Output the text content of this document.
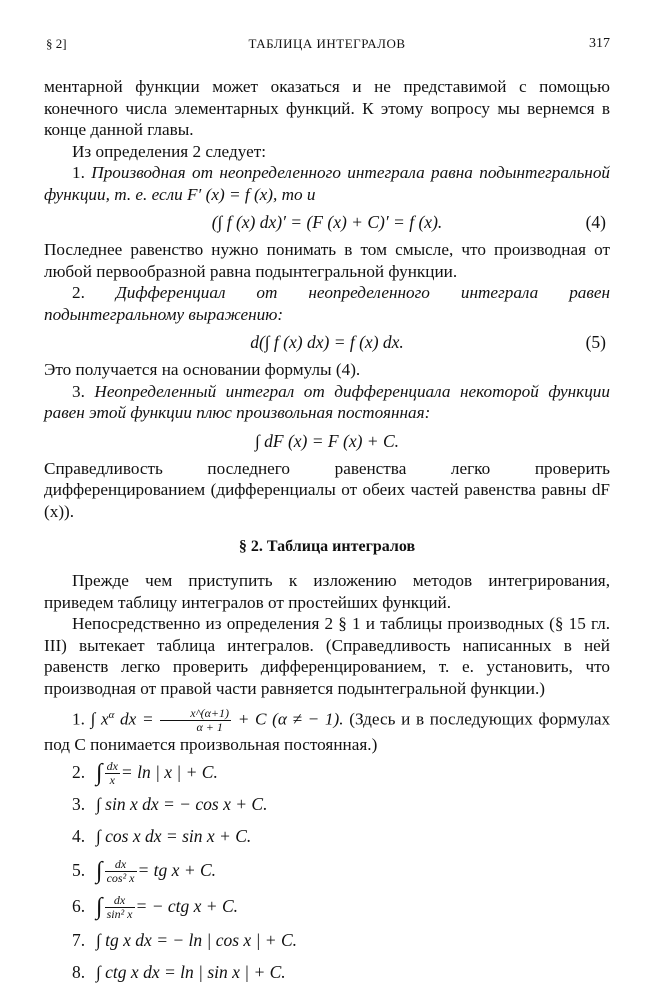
§ 2]	ТАБЛИЦА ИНТЕГРАЛОВ	317

ментарной функции может оказаться и не представимой с помощью конечного числа элементарных функций. К этому вопросу мы вернемся в конце данной главы.

Из определения 2 следует:

1. Производная от неопределенного интеграла равна подынтегральной функции, т. е. если F′ (x) = f (x), то и

(∫ f (x) dx)′ = (F (x) + C)′ = f (x).	(4)

Последнее равенство нужно понимать в том смысле, что производная от любой первообразной равна подынтегральной функции.

2. Дифференциал от неопределенного интеграла равен подынтегральному выражению:

d(∫ f (x) dx) = f (x) dx.	(5)

Это получается на основании формулы (4).

3. Неопределенный интеграл от дифференциала некоторой функции равен этой функции плюс произвольная постоянная:

∫ dF (x) = F (x) + C.

Справедливость последнего равенства легко проверить дифференцированием (дифференциалы от обеих частей равенства равны dF (x)).

§ 2. Таблица интегралов

Прежде чем приступить к изложению методов интегрирования, приведем таблицу интегралов от простейших функций.

Непосредственно из определения 2 § 1 и таблицы производных (§ 15 гл. III) вытекает таблица интегралов. (Справедливость написанных в ней равенств легко проверить дифференцированием, т. е. установить, что производная от правой части равняется подынтегральной функции.)

1. ∫ $x^\alpha$ dx = $\frac{x\^{}(\alpha+1)}{\alpha + 1} + C$ (α ≠ − 1). (Здесь и в последующих формулах под C понимается произвольная постоянная.)

2. ∫ $\frac{dx}{x} = \ln$ | x | + C.
3. ∫ sin x dx = − cos x + C.
4. ∫ cos x dx = sin x + C.
5. ∫ $\frac{dx}{\text{cos² x}}$ = tg x + C.
6. ∫ $\frac{dx}{\text{sin² x}}$ = − ctg x + C.
7. ∫ tg x dx = − ln | cos x | + C.
8. ∫ ctg x dx = ln | sin x | + C.
